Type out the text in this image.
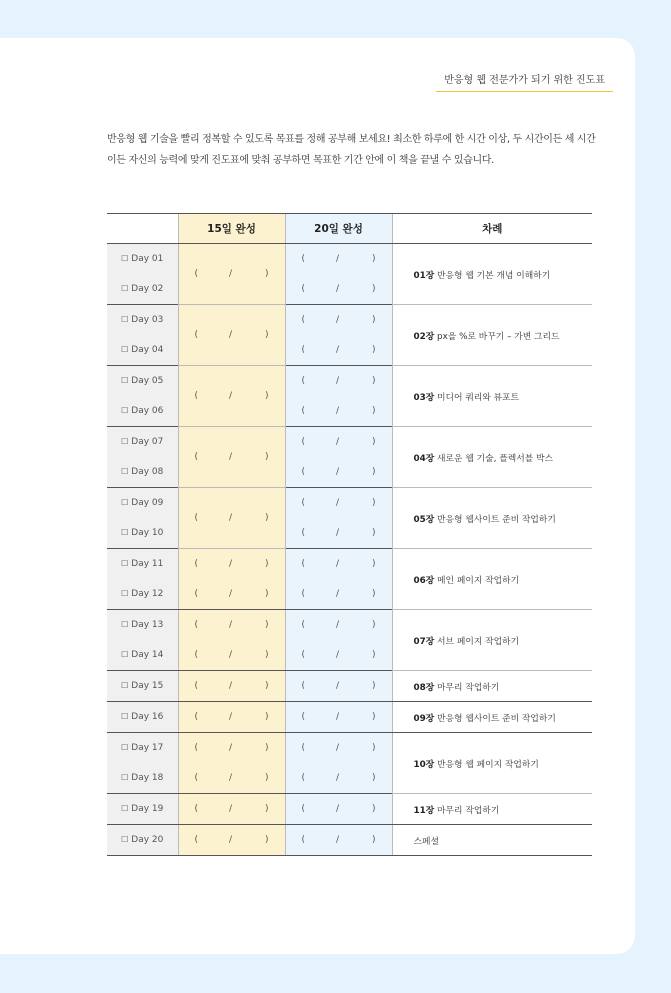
반응형 웹 전문가가 되기 위한 진도표

반응형 웹 기술을 빨리 정복할 수 있도록 목표를 정해 공부해 보세요! 최소한 하루에 한 시간 이상, 두 시간이든 세 시간

이든 자신의 능력에 맞게 진도표에 맞춰 공부하면 목표한 기간 안에 이 책을 끝낼 수 있습니다.

	15일 완성	20일 완성	차례
☐ Day 01	( / )	( / )	01장 반응형 웹 기본 개념 이해하기
☐ Day 02		( / )	

☐ Day 03	( / )	( / )	02장 px을 %로 바꾸기 – 가변 그리드
☐ Day 04		( / )	

☐ Day 05	( / )	( / )	03장 미디어 쿼리와 뷰포트
☐ Day 06		( / )	

☐ Day 07	( / )	( / )	04장 새로운 웹 기술, 플렉서블 박스
☐ Day 08		( / )	

☐ Day 09	( / )	( / )	05장 반응형 웹사이트 준비 작업하기
☐ Day 10		( / )	

☐ Day 11	( / )	( / )	06장 메인 페이지 작업하기
☐ Day 12	( / )	( / )	

☐ Day 13	( / )	( / )	07장 서브 페이지 작업하기
☐ Day 14	( / )	( / )	

☐ Day 15	( / )	( / )	08장 마무리 작업하기
☐ Day 16	( / )	( / )	09장 반응형 웹사이트 준비 작업하기
☐ Day 17	( / )	( / )	10장 반응형 웹 페이지 작업하기
☐ Day 18	( / )	( / )	

☐ Day 19	( / )	( / )	11장 마무리 작업하기
☐ Day 20	( / )	( / )	스페셜
